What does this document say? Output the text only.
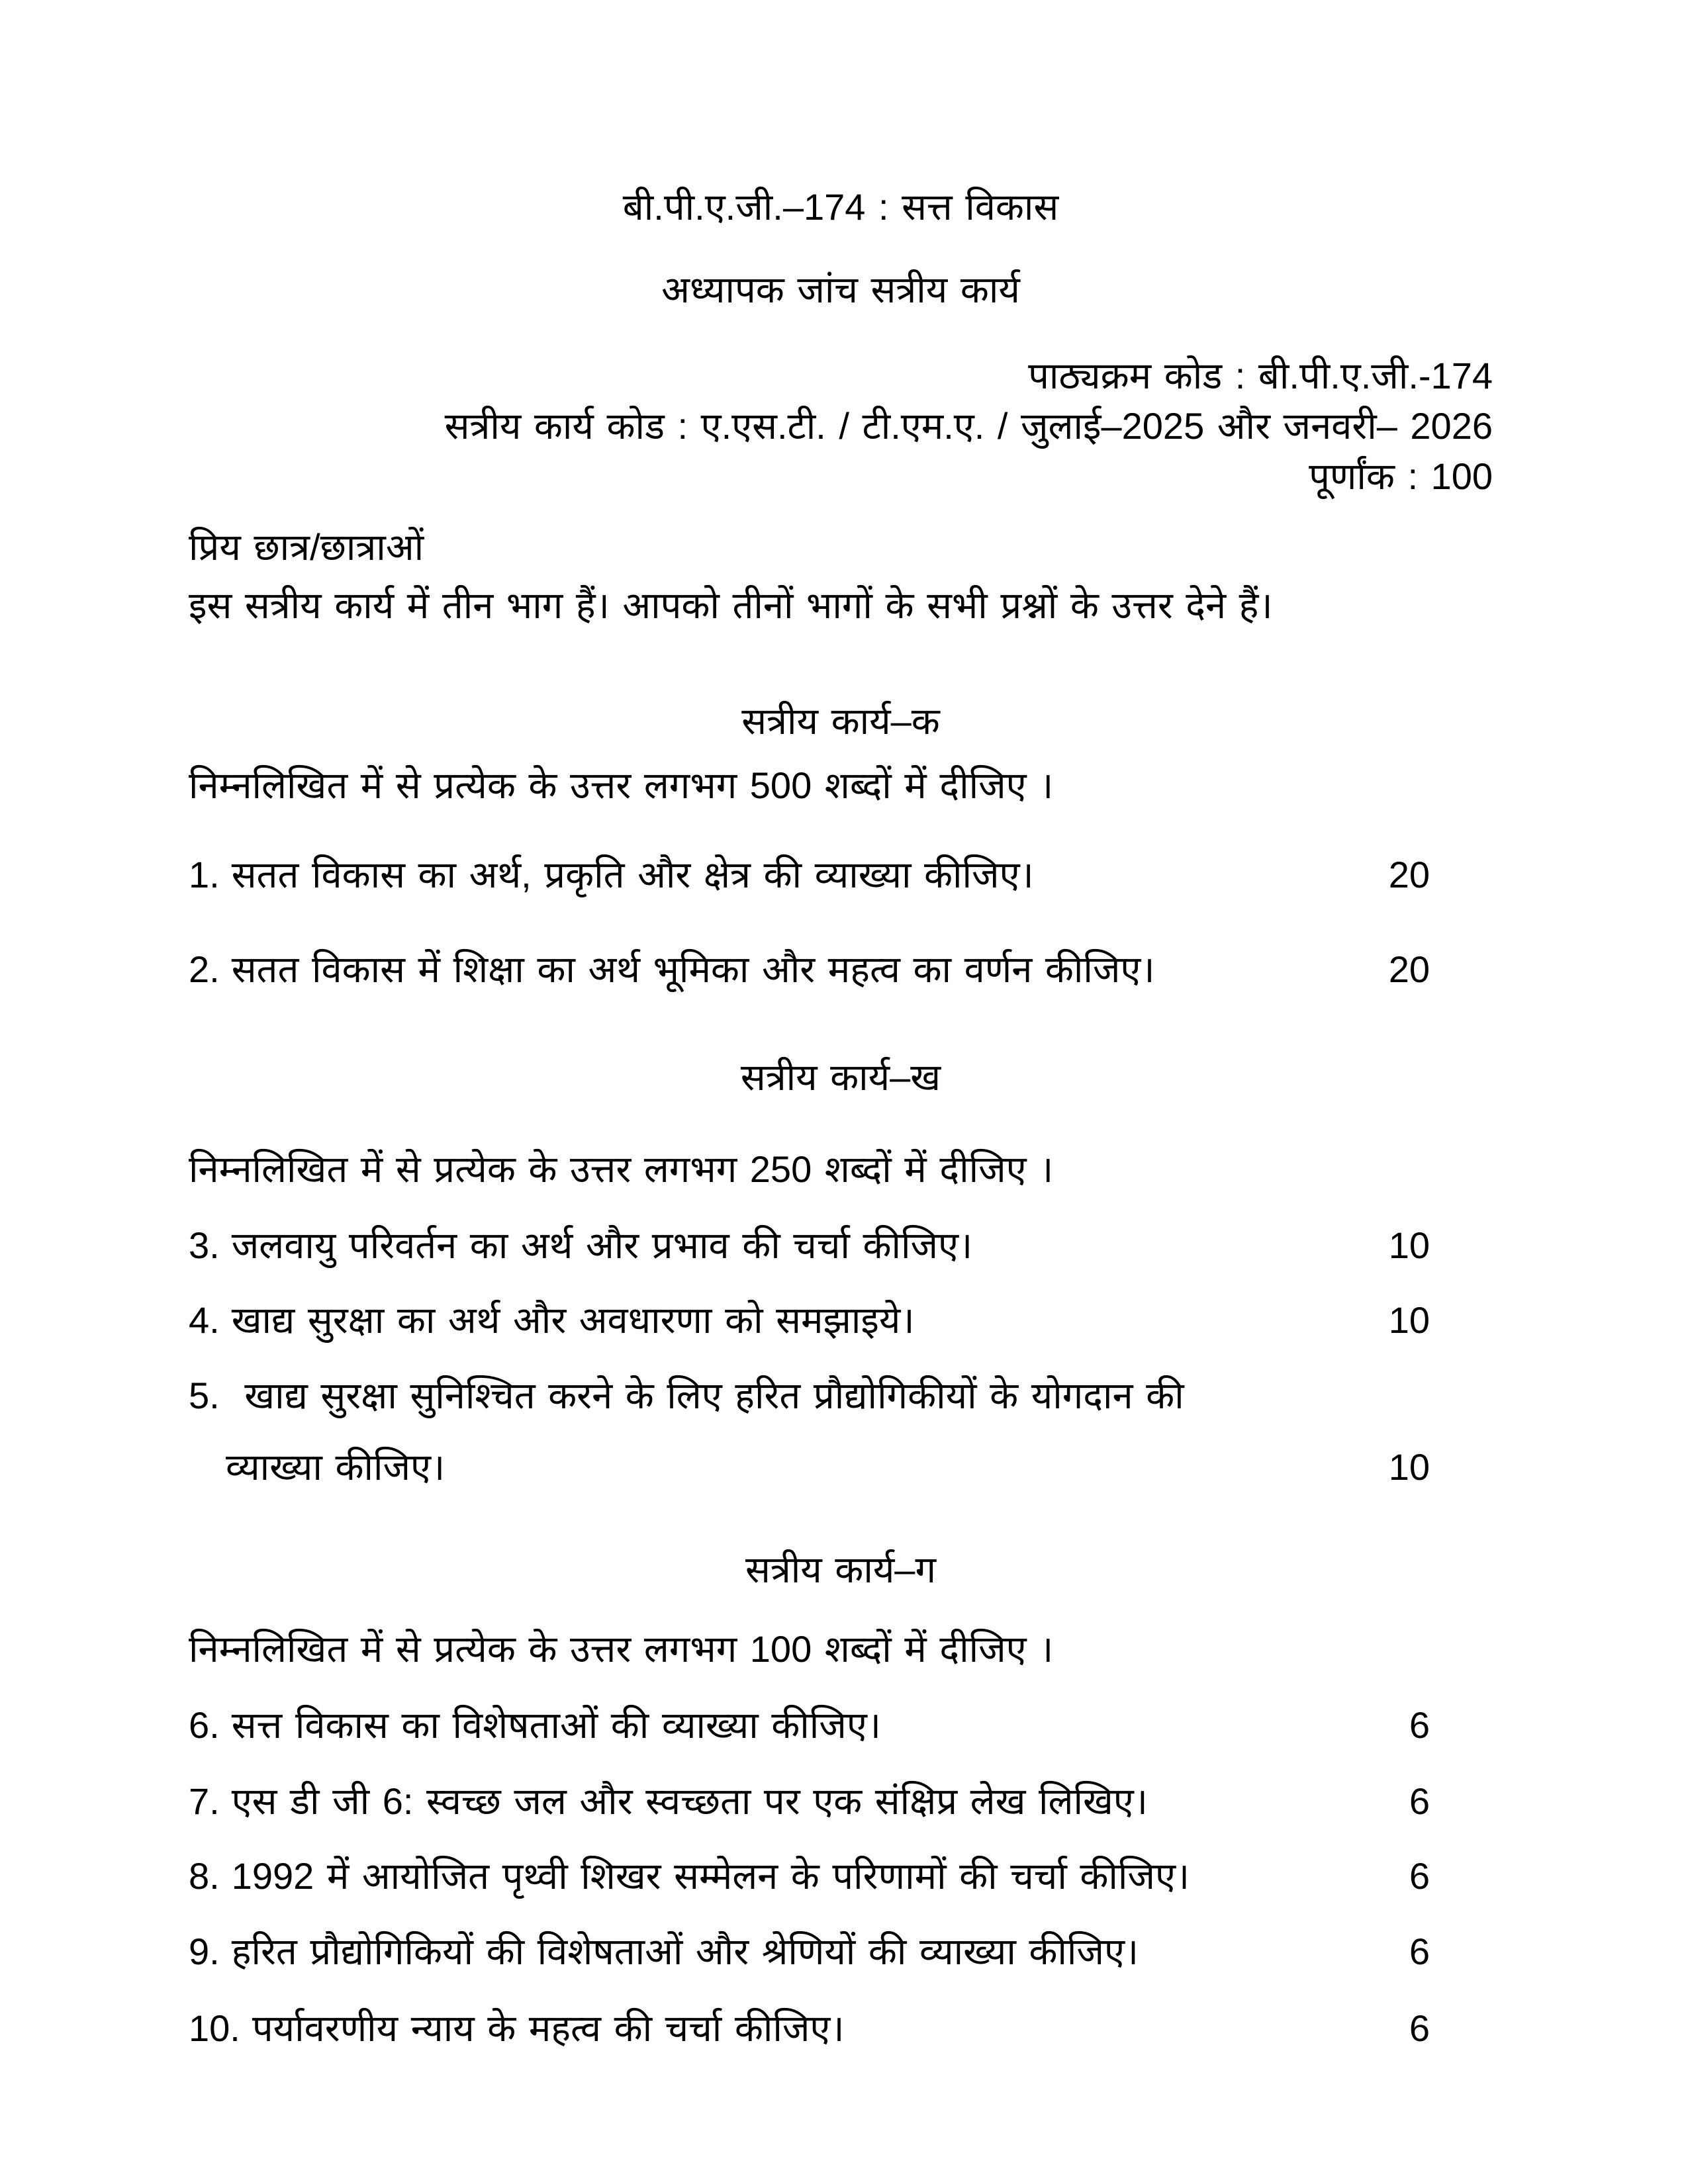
बी.पी.ए.जी.–174 : सत्त विकास
अध्यापक जांच सत्रीय कार्य
पाठ्यक्रम कोड : बी.पी.ए.जी.-174
सत्रीय कार्य कोड : ए.एस.टी. / टी.एम.ए. / जुलाई–2025 और जनवरी– 2026
पूर्णांक : 100
प्रिय छात्र/छात्राओं
इस सत्रीय कार्य में तीन भाग हैं। आपको तीनों भागों के सभी प्रश्नों के उत्तर देने हैं।
सत्रीय कार्य–क
निम्नलिखित में से प्रत्येक के उत्तर लगभग 500 शब्दों में दीजिए ।
1. सतत विकास का अर्थ, प्रकृति और क्षेत्र की व्याख्या कीजिए।	20
2. सतत विकास में शिक्षा का अर्थ भूमिका और महत्व का वर्णन कीजिए।	20
सत्रीय कार्य–ख
निम्नलिखित में से प्रत्येक के उत्तर लगभग 250 शब्दों में दीजिए ।
3. जलवायु परिवर्तन का अर्थ और प्रभाव की चर्चा कीजिए।	10
4. खाद्य सुरक्षा का अर्थ और अवधारणा को समझाइये।	10
5. खाद्य सुरक्षा सुनिश्चित करने के लिए हरित प्रौद्योगिकीयों के योगदान की
व्याख्या कीजिए।	10
सत्रीय कार्य–ग
निम्नलिखित में से प्रत्येक के उत्तर लगभग 100 शब्दों में दीजिए ।
6. सत्त विकास का विशेषताओं की व्याख्या कीजिए।	6
7. एस डी जी 6: स्वच्छ जल और स्वच्छता पर एक संक्षिप्र लेख लिखिए।	6
8. 1992 में आयोजित पृथ्वी शिखर सम्मेलन के परिणामों की चर्चा कीजिए।	6
9. हरित प्रौद्योगिकियों की विशेषताओं और श्रेणियों की व्याख्या कीजिए।	6
10. पर्यावरणीय न्याय के महत्व की चर्चा कीजिए।	6
